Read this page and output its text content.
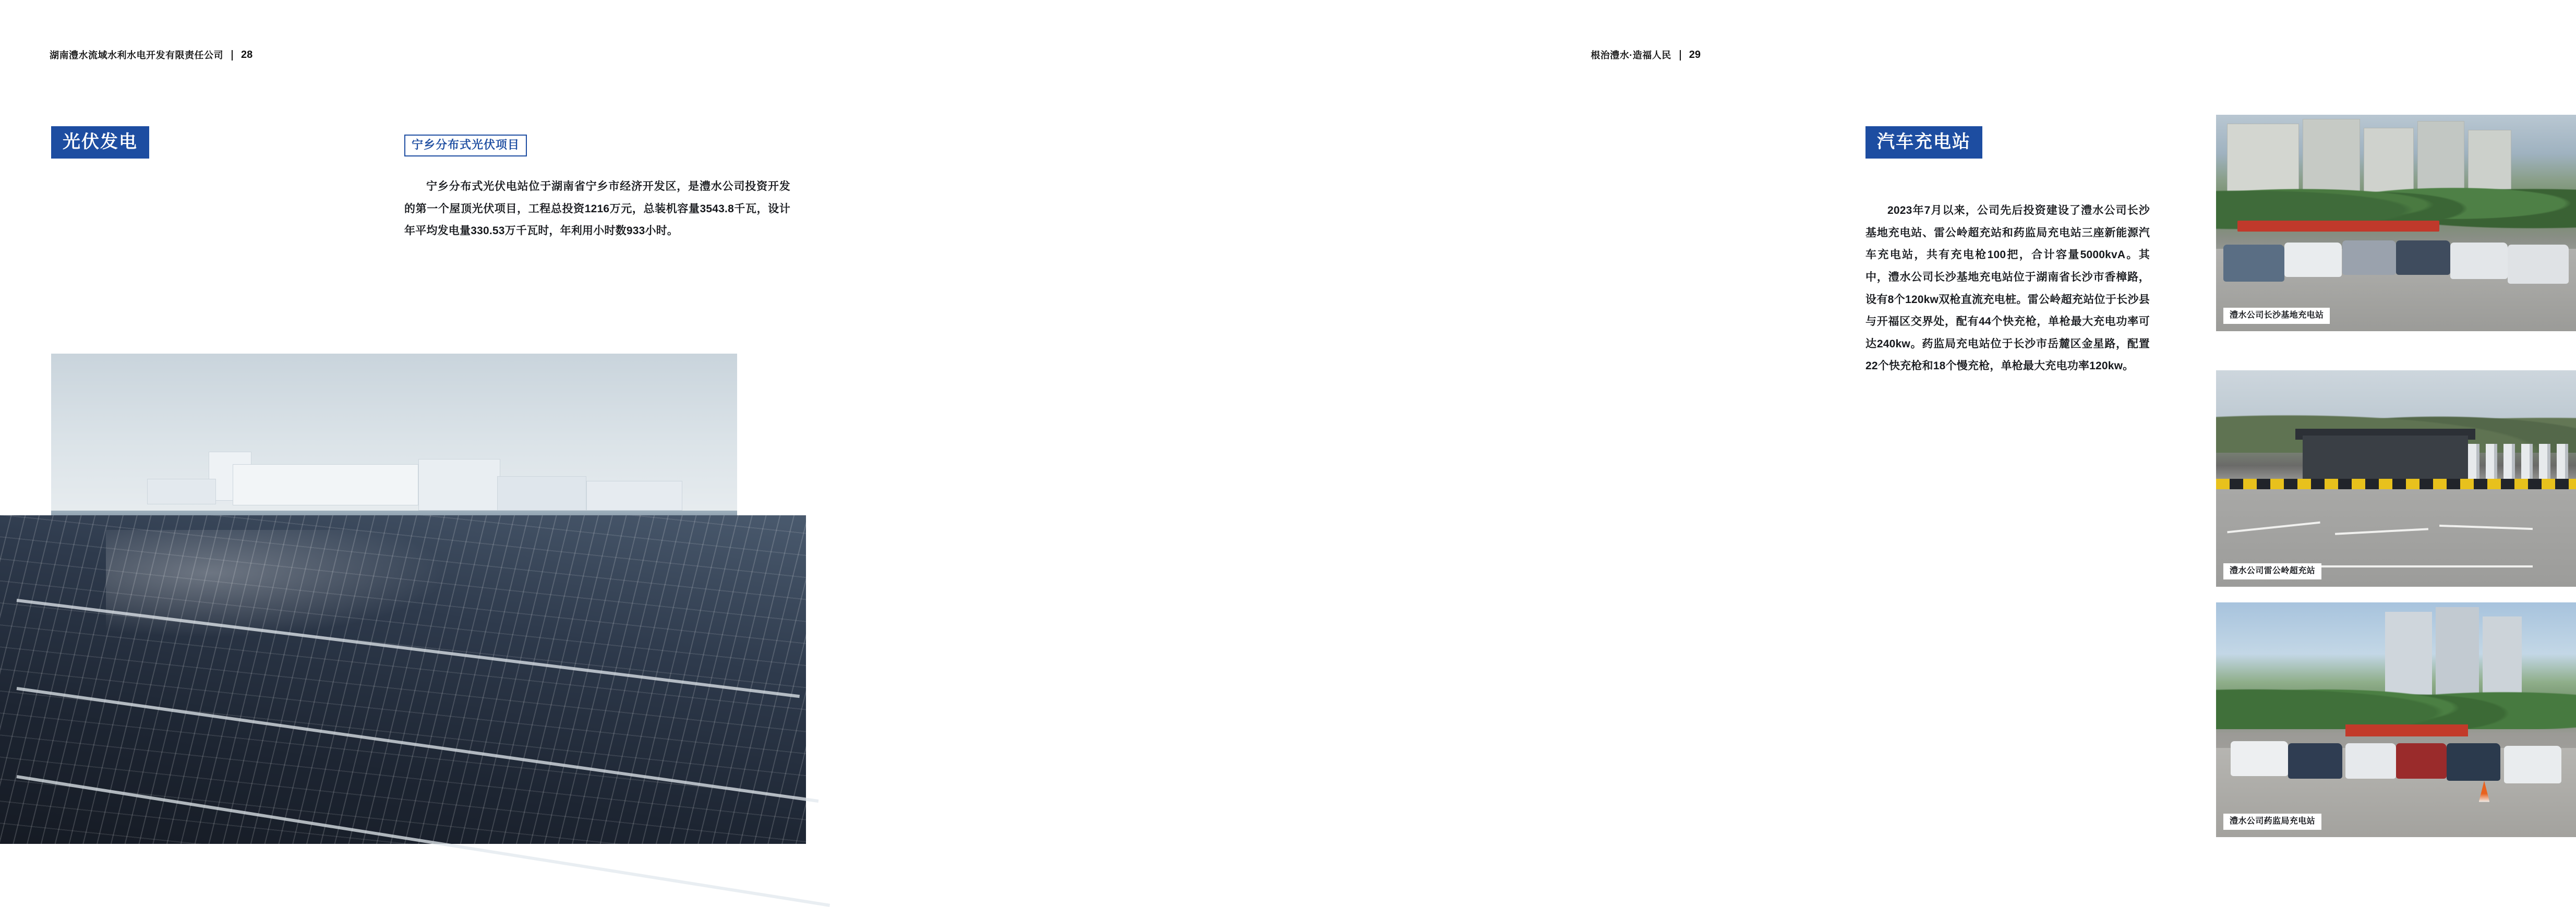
湖南澧水流域水利水电开发有限责任公司 28
光伏发电	宁乡分布式光伏项目

宁乡分布式光伏电站位于湖南省宁乡市经济开发区，是澧水公司投资开发的第一个屋顶光伏项目，工程总投资1216万元，总装机容量3543.8千瓦，设计年平均发电量330.53万千瓦时，年利用小时数933小时。

根治澧水·造福人民 29
汽车充电站

2023年7月以来，公司先后投资建设了澧水公司长沙基地充电站、雷公岭超充站和药监局充电站三座新能源汽车充电站，共有充电枪100把，合计容量5000kvA。其中，澧水公司长沙基地充电站位于湖南省长沙市香樟路，设有8个120kw双枪直流充电桩。雷公岭超充站位于长沙县与开福区交界处，配有44个快充枪，单枪最大充电功率可达240kw。药监局充电站位于长沙市岳麓区金星路，配置22个快充枪和18个慢充枪，单枪最大充电功率120kw。

澧水公司长沙基地充电站
澧水公司雷公岭超充站
澧水公司药监局充电站
